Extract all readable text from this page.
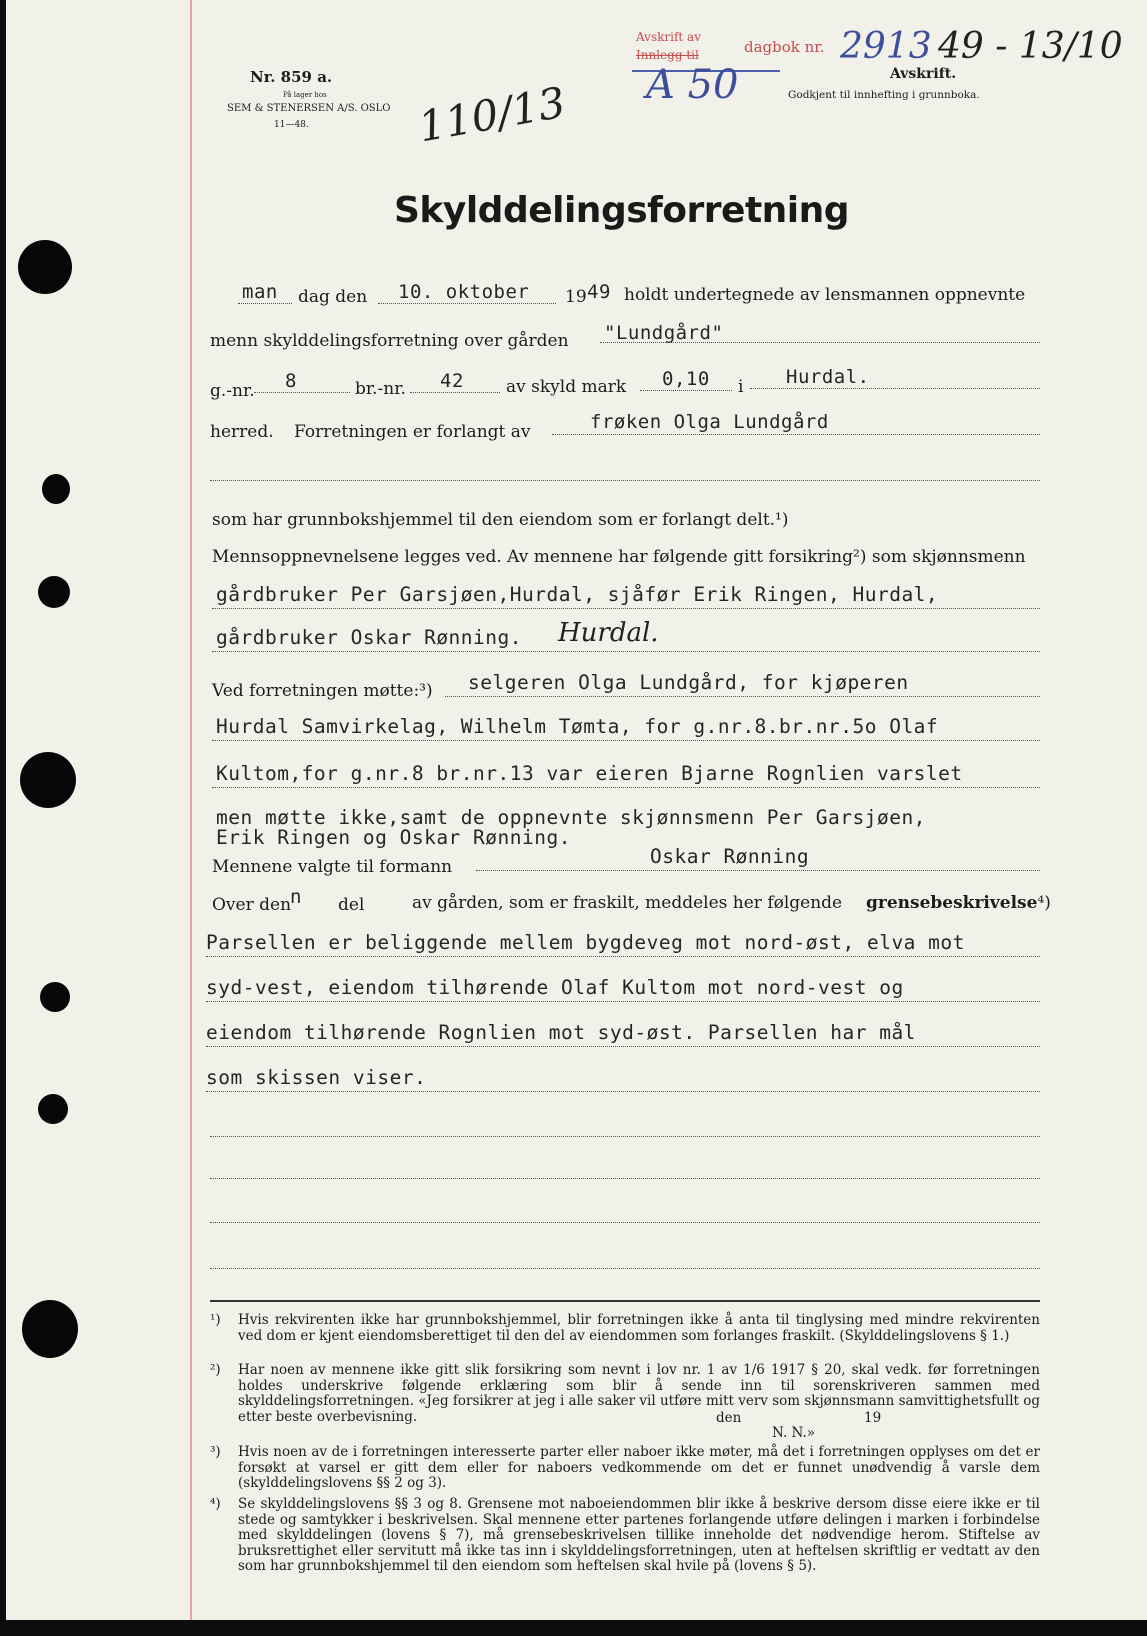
Nr. 859 a.
På lager hos
SEM & STENERSEN A/S. OSLO
11—48.	110/13
Avskrift av
Innlegg til	dagbok nr. 2913 49 - 13/10
A 50	Avskrift.
Godkjent til innhefting i grunnboka.
Skylddelingsforretning
man dag den 10. oktober 19 49 holdt undertegnede av lensmannen oppnevnte
menn skylddelingsforretning over gården "Lundgård"
g.-nr. 8	br.-nr. 42 av skyld mark 0,10 i Hurdal.
herred. Forretningen er forlangt av	frøken Olga Lundgård
som har grunnbokshjemmel til den eiendom som er forlangt delt.¹)
Mennsoppnevnelsene legges ved. Av mennene har følgende gitt forsikring²) som skjønnsmenn
gårdbruker Per Garsjøen,Hurdal, sjåfør Erik Ringen, Hurdal,
gårdbruker Oskar Rønning. Hurdal.
Ved forretningen møtte:³) selgeren Olga Lundgård, for kjøperen
Hurdal Samvirkelag, Wilhelm Tømta, for g.nr.8.br.nr.5o Olaf
Kultom,for g.nr.8 br.nr.13 var eieren Bjarne Rognlien varslet
men møtte ikke,samt de oppnevnte skjønnsmenn Per Garsjøen,
Erik Ringen og Oskar Rønning.
Mennene valgte til formann	Oskar Rønning
Over den
n del	av gården, som er fraskilt, meddeles her følgende grensebeskrivelse⁴)
Parsellen er beliggende mellem bygdeveg mot nord-øst, elva mot
syd-vest, eiendom tilhørende Olaf Kultom mot nord-vest og
eiendom tilhørende Rognlien mot syd-øst. Parsellen har mål
som skissen viser.
¹) Hvis rekvirenten ikke har grunnbokshjemmel, blir forretningen ikke å anta til tinglysing med mindre rekvirenten ved dom er kjent eiendomsberettiget til den del av eiendommen som forlanges fraskilt. (Skylddelingslovens § 1.)
²) Har noen av mennene ikke gitt slik forsikring som nevnt i lov nr. 1 av 1/6 1917 § 20, skal vedk. før forretningen holdes underskrive følgende erklæring som blir å sende inn til sorenskriveren sammen med skylddelingsforretningen. «Jeg forsikrer at jeg i alle saker vil utføre mitt verv som skjønnsmann samvittighetsfullt og etter beste overbevisning.	den	19
N. N.»
³) Hvis noen av de i forretningen interesserte parter eller naboer ikke møter, må det i forretningen opplyses om det er forsøkt at varsel er gitt dem eller for naboers vedkommende om det er funnet unødvendig å varsle dem (skylddelingslovens §§ 2 og 3).
⁴) Se skylddelingslovens §§ 3 og 8. Grensene mot naboeiendommen blir ikke å beskrive dersom disse eiere ikke er til stede og samtykker i beskrivelsen. Skal mennene etter partenes forlangende utføre delingen i marken i forbindelse med skylddelingen (lovens § 7), må grensebeskrivelsen tillike inneholde det nødvendige herom. Stiftelse av bruksrettighet eller servitutt må ikke tas inn i skylddelingsforretningen, uten at heftelsen skriftlig er vedtatt av den som har grunnbokshjemmel til den eiendom som heftelsen skal hvile på (lovens § 5).
